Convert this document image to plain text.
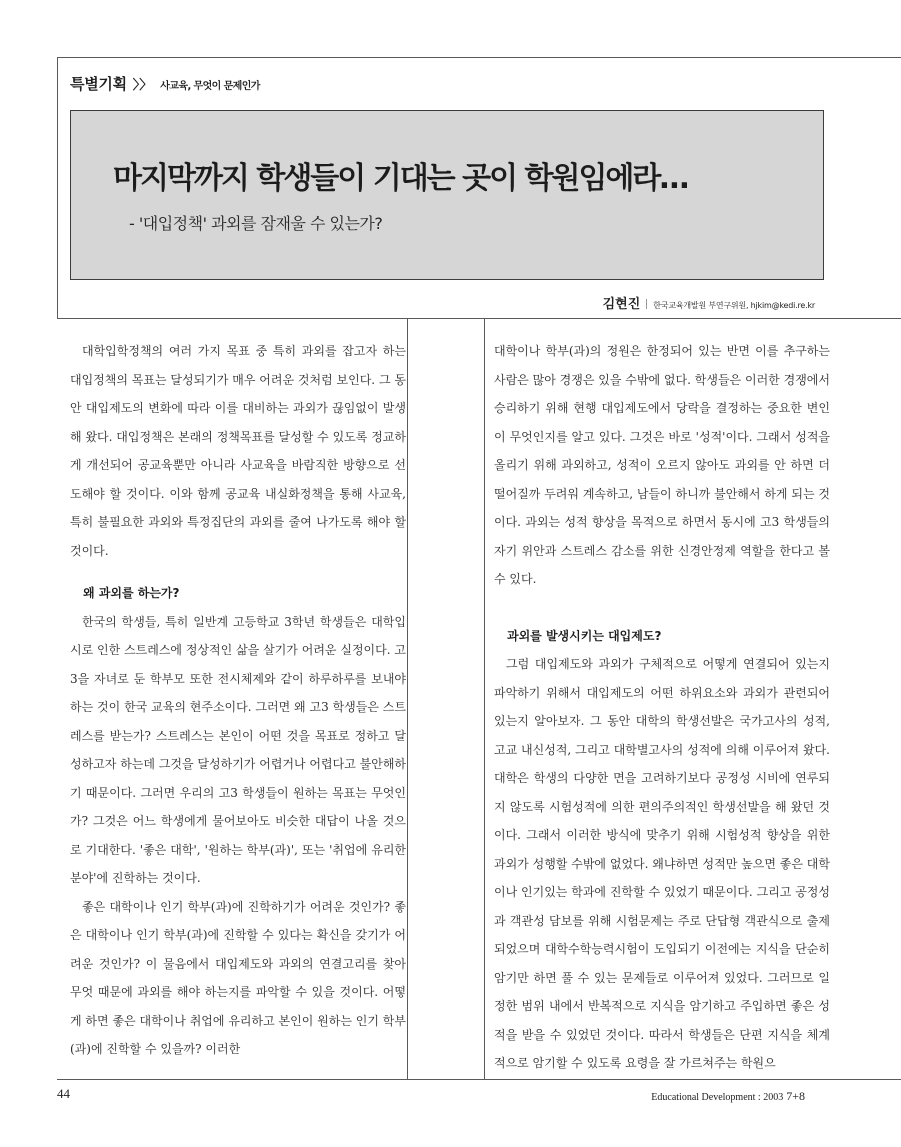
특별기획 〉〉 사교육, 무엇이 문제인가
마지막까지 학생들이 기대는 곳이 학원임에라…
- '대입정책' 과외를 잠재울 수 있는가?
김현진 한국교육개발원 부연구위원, hjkim@kedi.re.kr

대학입학정책의 여러 가지 목표 중 특히 과외를 잡고자 하는 대입정책의 목표는 달성되기가 매우 어려운 것처럼 보인다. 그 동안 대입제도의 변화에 따라 이를 대비하는 과외가 끊임없이 발생해 왔다. 대입정책은 본래의 정책목표를 달성할 수 있도록 정교하게 개선되어 공교육뿐만 아니라 사교육을 바람직한 방향으로 선도해야 할 것이다. 이와 함께 공교육 내실화정책을 통해 사교육, 특히 불필요한 과외와 특정집단의 과외를 줄여 나가도록 해야 할 것이다.

왜 과외를 하는가?

한국의 학생들, 특히 일반계 고등학교 3학년 학생들은 대학입시로 인한 스트레스에 정상적인 삶을 살기가 어려운 실정이다. 고3을 자녀로 둔 학부모 또한 전시체제와 같이 하루하루를 보내야 하는 것이 한국 교육의 현주소이다. 그러면 왜 고3 학생들은 스트레스를 받는가? 스트레스는 본인이 어떤 것을 목표로 정하고 달성하고자 하는데 그것을 달성하기가 어렵거나 어렵다고 불안해하기 때문이다. 그러면 우리의 고3 학생들이 원하는 목표는 무엇인가? 그것은 어느 학생에게 물어보아도 비슷한 대답이 나올 것으로 기대한다. '좋은 대학', '원하는 학부(과)', 또는 '취업에 유리한 분야'에 진학하는 것이다.

좋은 대학이나 인기 학부(과)에 진학하기가 어려운 것인가? 좋은 대학이나 인기 학부(과)에 진학할 수 있다는 확신을 갖기가 어려운 것인가? 이 물음에서 대입제도와 과외의 연결고리를 찾아 무엇 때문에 과외를 해야 하는지를 파악할 수 있을 것이다. 어떻게 하면 좋은 대학이나 취업에 유리하고 본인이 원하는 인기 학부(과)에 진학할 수 있을까? 이러한

대학이나 학부(과)의 정원은 한정되어 있는 반면 이를 추구하는 사람은 많아 경쟁은 있을 수밖에 없다. 학생들은 이러한 경쟁에서 승리하기 위해 현행 대입제도에서 당락을 결정하는 중요한 변인이 무엇인지를 알고 있다. 그것은 바로 '성적'이다. 그래서 성적을 올리기 위해 과외하고, 성적이 오르지 않아도 과외를 안 하면 더 떨어질까 두려워 계속하고, 남들이 하니까 불안해서 하게 되는 것이다. 과외는 성적 향상을 목적으로 하면서 동시에 고3 학생들의 자기 위안과 스트레스 감소를 위한 신경안정제 역할을 한다고 볼 수 있다.

과외를 발생시키는 대입제도?

그럼 대입제도와 과외가 구체적으로 어떻게 연결되어 있는지 파악하기 위해서 대입제도의 어떤 하위요소와 과외가 관련되어 있는지 알아보자. 그 동안 대학의 학생선발은 국가고사의 성적, 고교 내신성적, 그리고 대학별고사의 성적에 의해 이루어져 왔다. 대학은 학생의 다양한 면을 고려하기보다 공정성 시비에 연루되지 않도록 시험성적에 의한 편의주의적인 학생선발을 해 왔던 것이다. 그래서 이러한 방식에 맞추기 위해 시험성적 향상을 위한 과외가 성행할 수밖에 없었다. 왜냐하면 성적만 높으면 좋은 대학이나 인기있는 학과에 진학할 수 있었기 때문이다. 그리고 공정성과 객관성 담보를 위해 시험문제는 주로 단답형 객관식으로 출제되었으며 대학수학능력시험이 도입되기 이전에는 지식을 단순히 암기만 하면 풀 수 있는 문제들로 이루어져 있었다. 그러므로 일정한 범위 내에서 반복적으로 지식을 암기하고 주입하면 좋은 성적을 받을 수 있었던 것이다. 따라서 학생들은 단편 지식을 체계적으로 암기할 수 있도록 요령을 잘 가르쳐주는 학원으

44	Educational Development : 2003 7+8
